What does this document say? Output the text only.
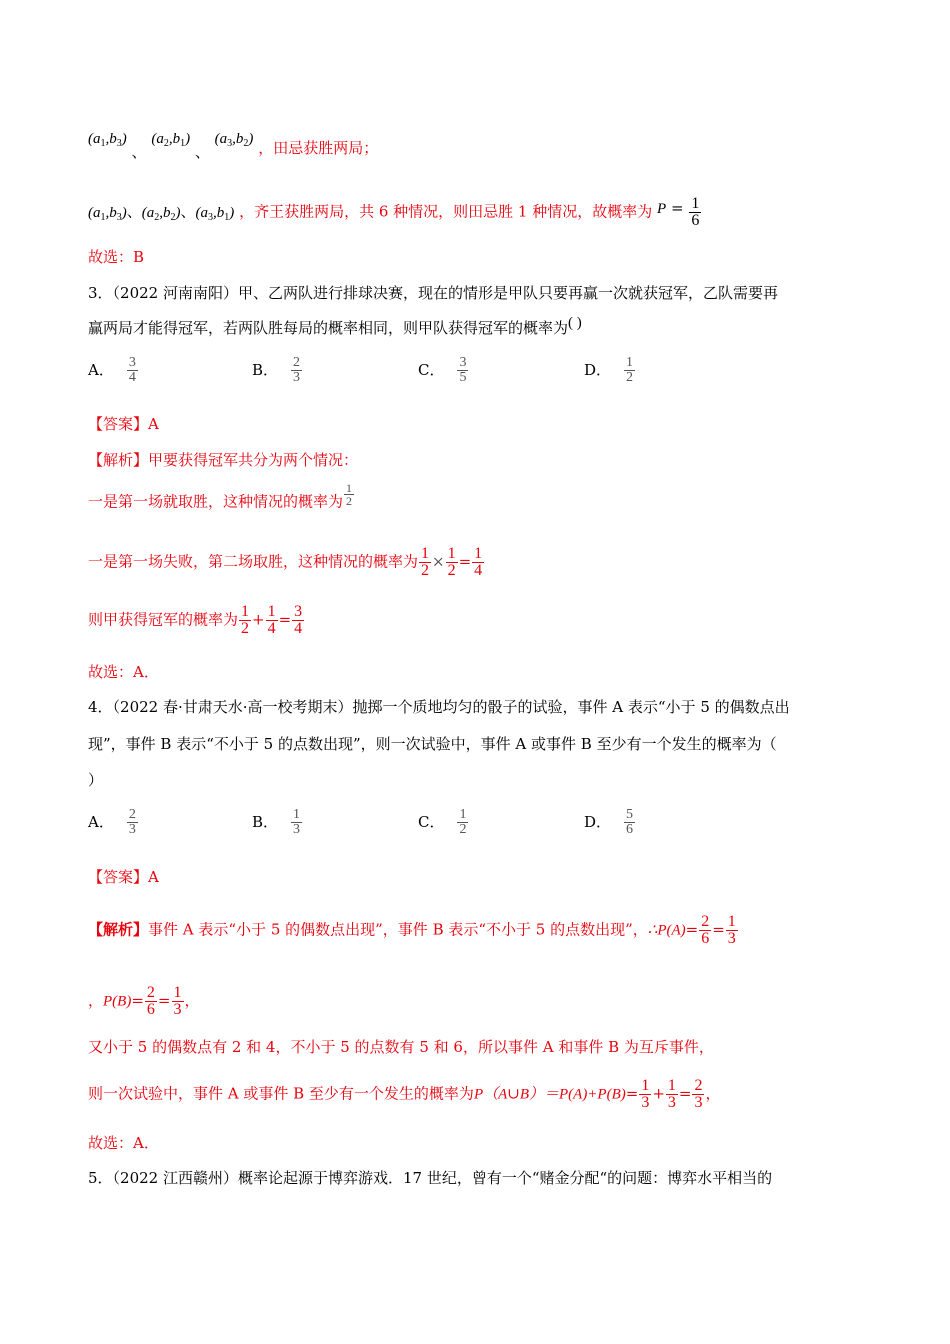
$(a_1,b_3)$ 、 $(a_2,b_1)$ 、 $(a_3,b_2)$ ，田忌获胜两局；
$(a_1,b_3)$、$(a_2,b_2)$、$(a_3,b_1)$ ，齐王获胜两局，共 6 种情况，则田忌胜 1 种情况，故概率为 $P = \frac{1}{6}$
故选：B
3．（2022 河南南阳）甲、乙两队进行排球决赛，现在的情形是甲队只要再赢一次就获冠军，乙队需要再
赢两局才能得冠军，若两队胜每局的概率相同，则甲队获得冠军的概率为( )
A． $\frac{3}{4}$	B． $\frac{2}{3}$	C． $\frac{3}{5}$	D． $\frac{1}{2}$
【答案】A
【解析】甲要获得冠军共分为两个情况：
一是第一场就取胜，这种情况的概率为 $\frac{1}{2}$
一是第一场失败，第二场取胜，这种情况的概率为 $\frac{1}{2} \times \frac{1}{2} = \frac{1}{4}$
则甲获得冠军的概率为 $\frac{1}{2} + \frac{1}{4} = \frac{3}{4}$
故选：A．
4．（2022 春·甘肃天水·高一校考期末）抛掷一个质地均匀的骰子的试验，事件 A 表示“小于 5 的偶数点出
现”，事件 B 表示“不小于 5 的点数出现”，则一次试验中，事件 A 或事件 B 至少有一个发生的概率为（
）
A． $\frac{2}{3}$	B． $\frac{1}{3}$	C． $\frac{1}{2}$	D． $\frac{5}{6}$
【答案】A
【解析】事件 A 表示“小于 5 的偶数点出现”，事件 B 表示“不小于 5 的点数出现”，∴P(A)= $\frac{2}{6} = \frac{1}{3}$
，$P(B)= \frac{2}{6} = \frac{1}{3}$ ，
又小于 5 的偶数点有 2 和 4，不小于 5 的点数有 5 和 6，所以事件 A 和事件 B 为互斥事件，
则一次试验中，事件 A 或事件 B 至少有一个发生的概率为P（A∪B）＝P(A)+P(B)= $\frac{1}{3} + \frac{1}{3} = \frac{2}{3}$ ，
故选：A．
5．（2022 江西赣州）概率论起源于博弈游戏．17 世纪，曾有一个“赌金分配“的问题：博弈水平相当的
